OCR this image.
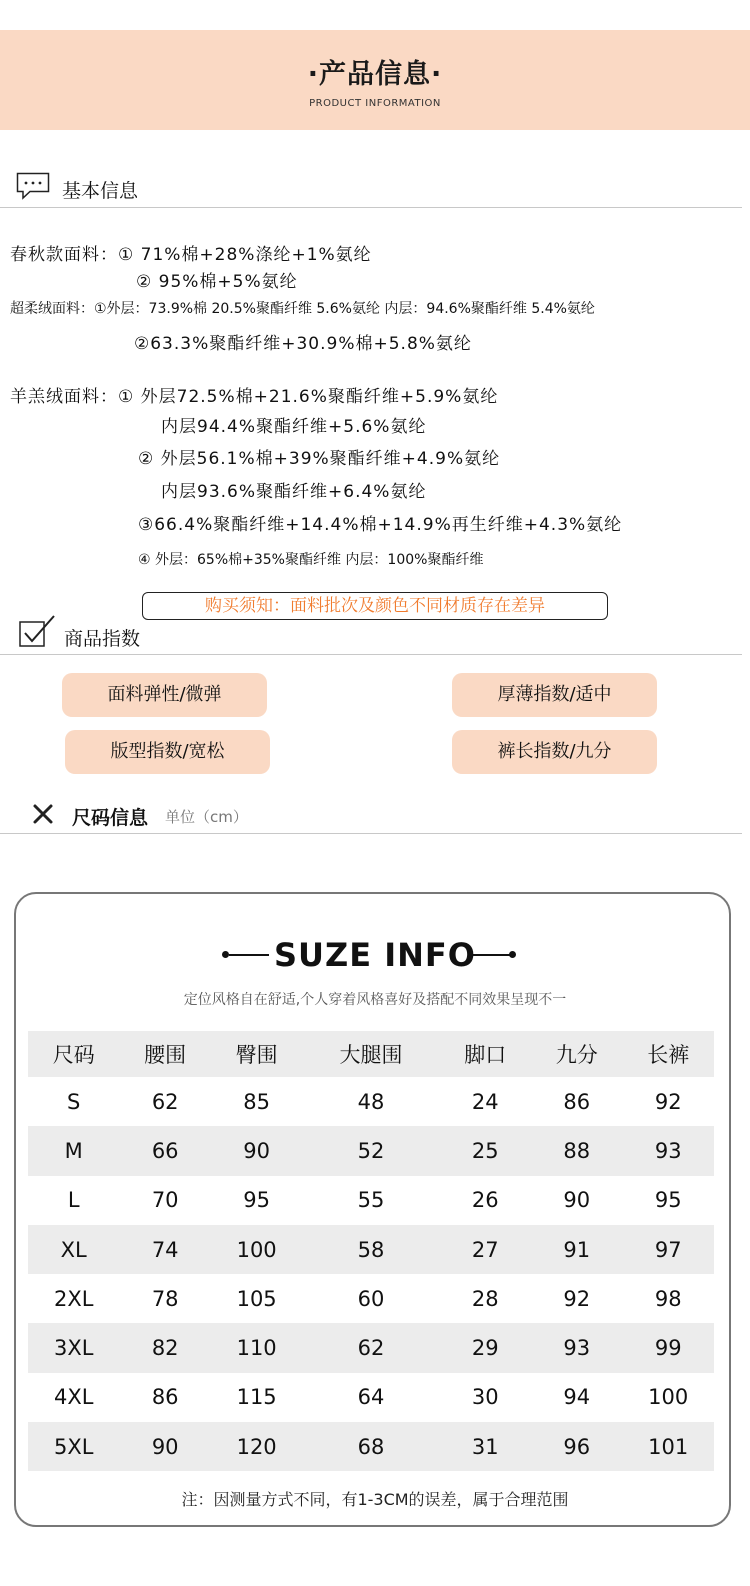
·产品信息·
PRODUCT INFORMATION
基本信息
春秋款面料：① 71%棉+28%涤纶+1%氨纶
② 95%棉+5%氨纶
超柔绒面料：①外层：73.9%棉 20.5%聚酯纤维 5.6%氨纶 内层：94.6%聚酯纤维 5.4%氨纶
②63.3%聚酯纤维+30.9%棉+5.8%氨纶
羊羔绒面料：① 外层72.5%棉+21.6%聚酯纤维+5.9%氨纶
内层94.4%聚酯纤维+5.6%氨纶
② 外层56.1%棉+39%聚酯纤维+4.9%氨纶
内层93.6%聚酯纤维+6.4%氨纶
③66.4%聚酯纤维+14.4%棉+14.9%再生纤维+4.3%氨纶
④ 外层：65%棉+35%聚酯纤维 内层：100%聚酯纤维
购买须知：面料批次及颜色不同材质存在差异
商品指数
面料弹性/微弹	厚薄指数/适中
版型指数/宽松	裤长指数/九分
尺码信息 单位（cm）
SUZE INFO
定位风格自在舒适,个人穿着风格喜好及搭配不同效果呈现不一
尺码	腰围	臀围	大腿围	脚口	九分	长裤
S	62	85	48	24	86	92
M	66	90	52	25	88	93
L	70	95	55	26	90	95
XL	74	100	58	27	91	97
2XL	78	105	60	28	92	98
3XL	82	110	62	29	93	99
4XL	86	115	64	30	94	100
5XL	90	120	68	31	96	101
注：因测量方式不同，有1-3CM的误差，属于合理范围
